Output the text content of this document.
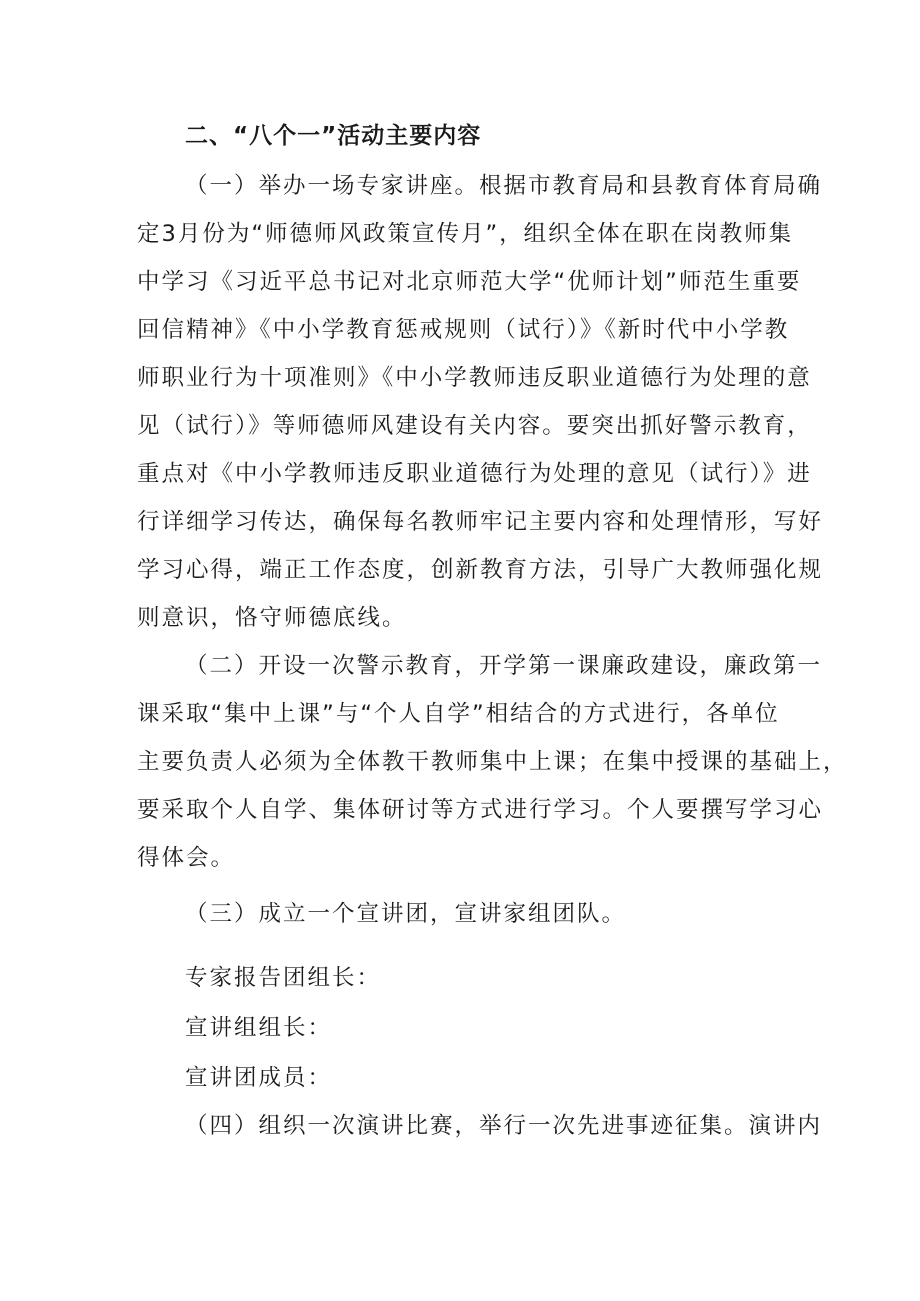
二、“八个一”活动主要内容
（一）举办一场专家讲座。根据市教育局和县教育体育局确
定3月份为“师德师风政策宣传月”，组织全体在职在岗教师集
中学习《习近平总书记对北京师范大学“优师计划”师范生重要
回信精神》《中小学教育惩戒规则（试行）》《新时代中小学教
师职业行为十项准则》《中小学教师违反职业道德行为处理的意
见（试行）》等师德师风建设有关内容。要突出抓好警示教育，
重点对《中小学教师违反职业道德行为处理的意见（试行）》进
行详细学习传达，确保每名教师牢记主要内容和处理情形，写好
学习心得，端正工作态度，创新教育方法，引导广大教师强化规
则意识，恪守师德底线。
（二）开设一次警示教育，开学第一课廉政建设，廉政第一
课采取“集中上课”与“个人自学”相结合的方式进行，各单位
主要负责人必须为全体教干教师集中上课；在集中授课的基础上，
要采取个人自学、集体研讨等方式进行学习。个人要撰写学习心
得体会。
（三）成立一个宣讲团，宣讲家组团队。
专家报告团组长：
宣讲组组长：
宣讲团成员：
（四）组织一次演讲比赛，举行一次先进事迹征集。演讲内
